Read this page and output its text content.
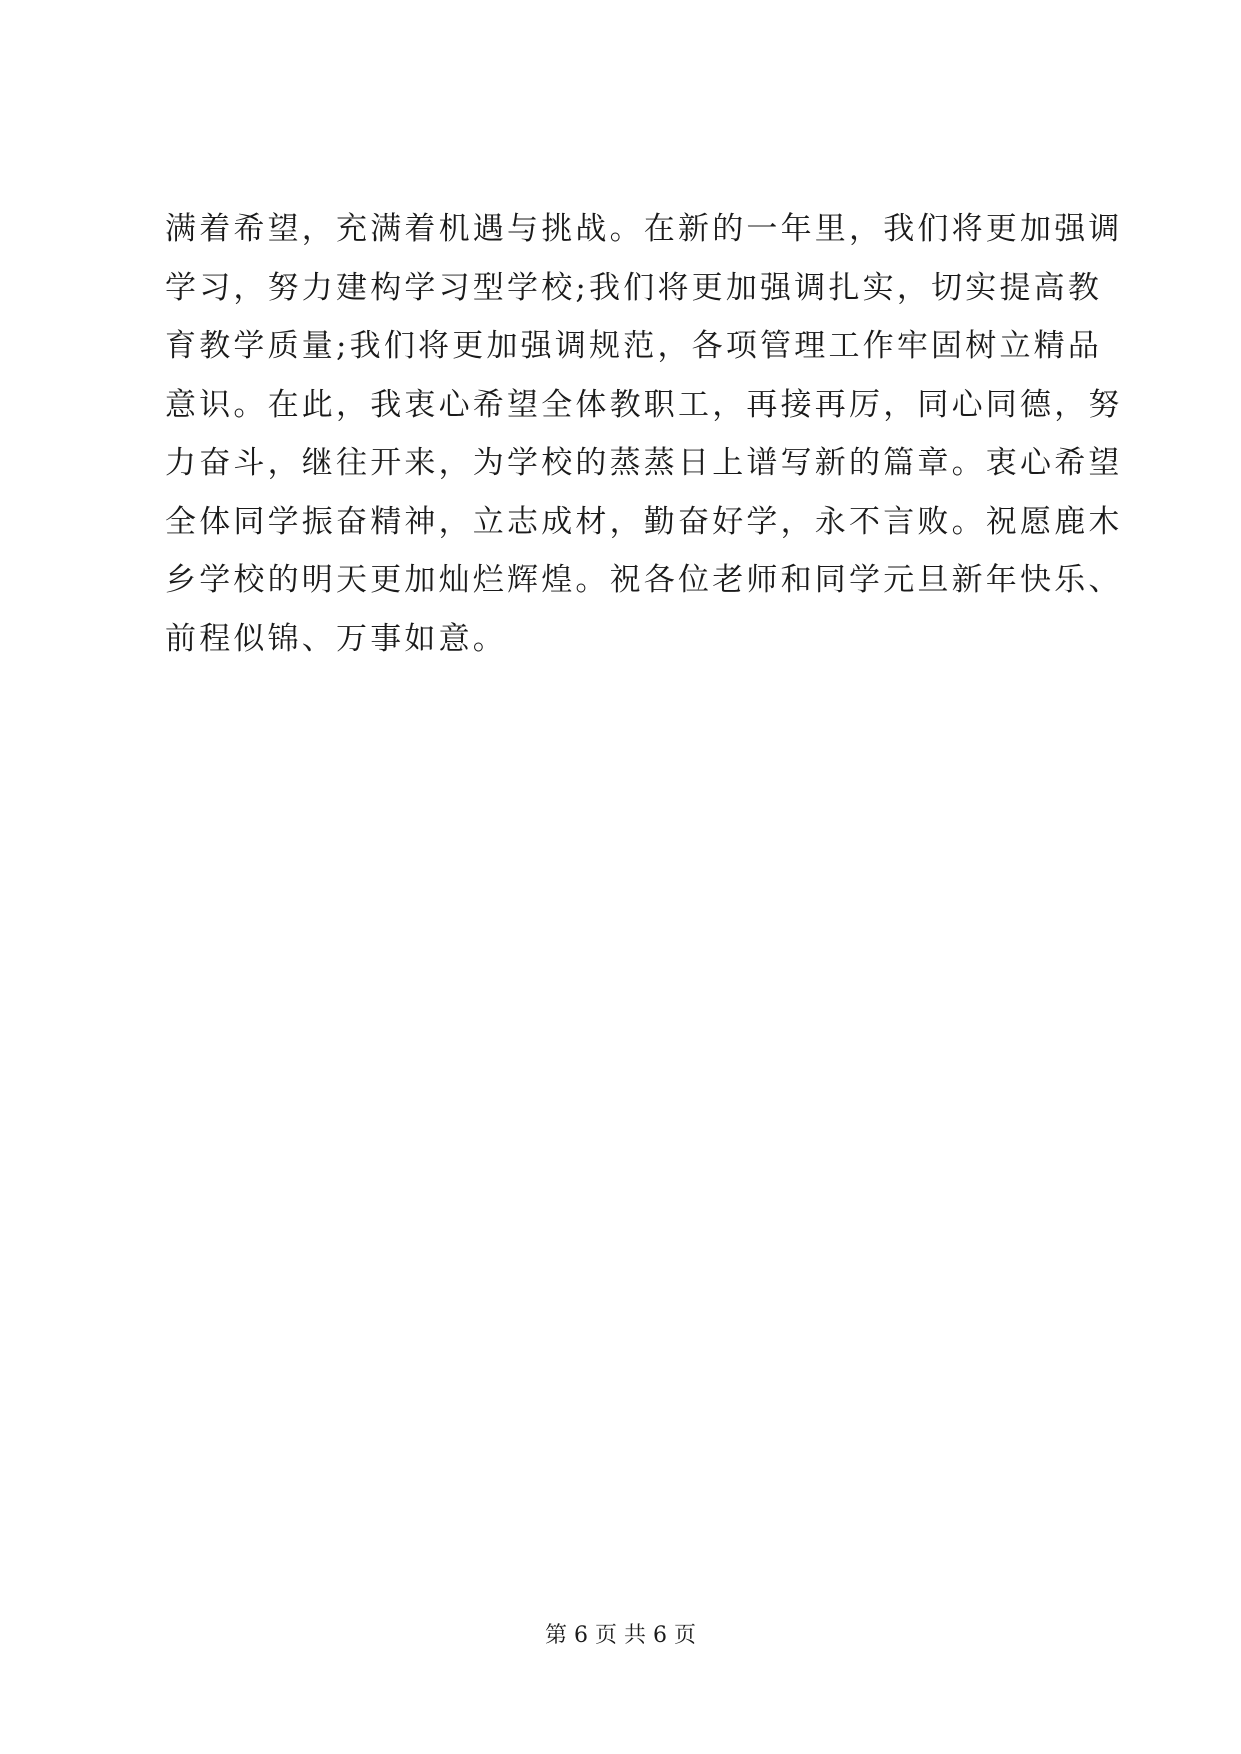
满着希望，充满着机遇与挑战。在新的一年里，我们将更加强调
学习，努力建构学习型学校;我们将更加强调扎实，切实提高教
育教学质量;我们将更加强调规范，各项管理工作牢固树立精品
意识。在此，我衷心希望全体教职工，再接再厉，同心同德，努
力奋斗，继往开来，为学校的蒸蒸日上谱写新的篇章。衷心希望
全体同学振奋精神，立志成材，勤奋好学，永不言败。祝愿鹿木
乡学校的明天更加灿烂辉煌。祝各位老师和同学元旦新年快乐、
前程似锦、万事如意。
第 6 页 共 6 页
